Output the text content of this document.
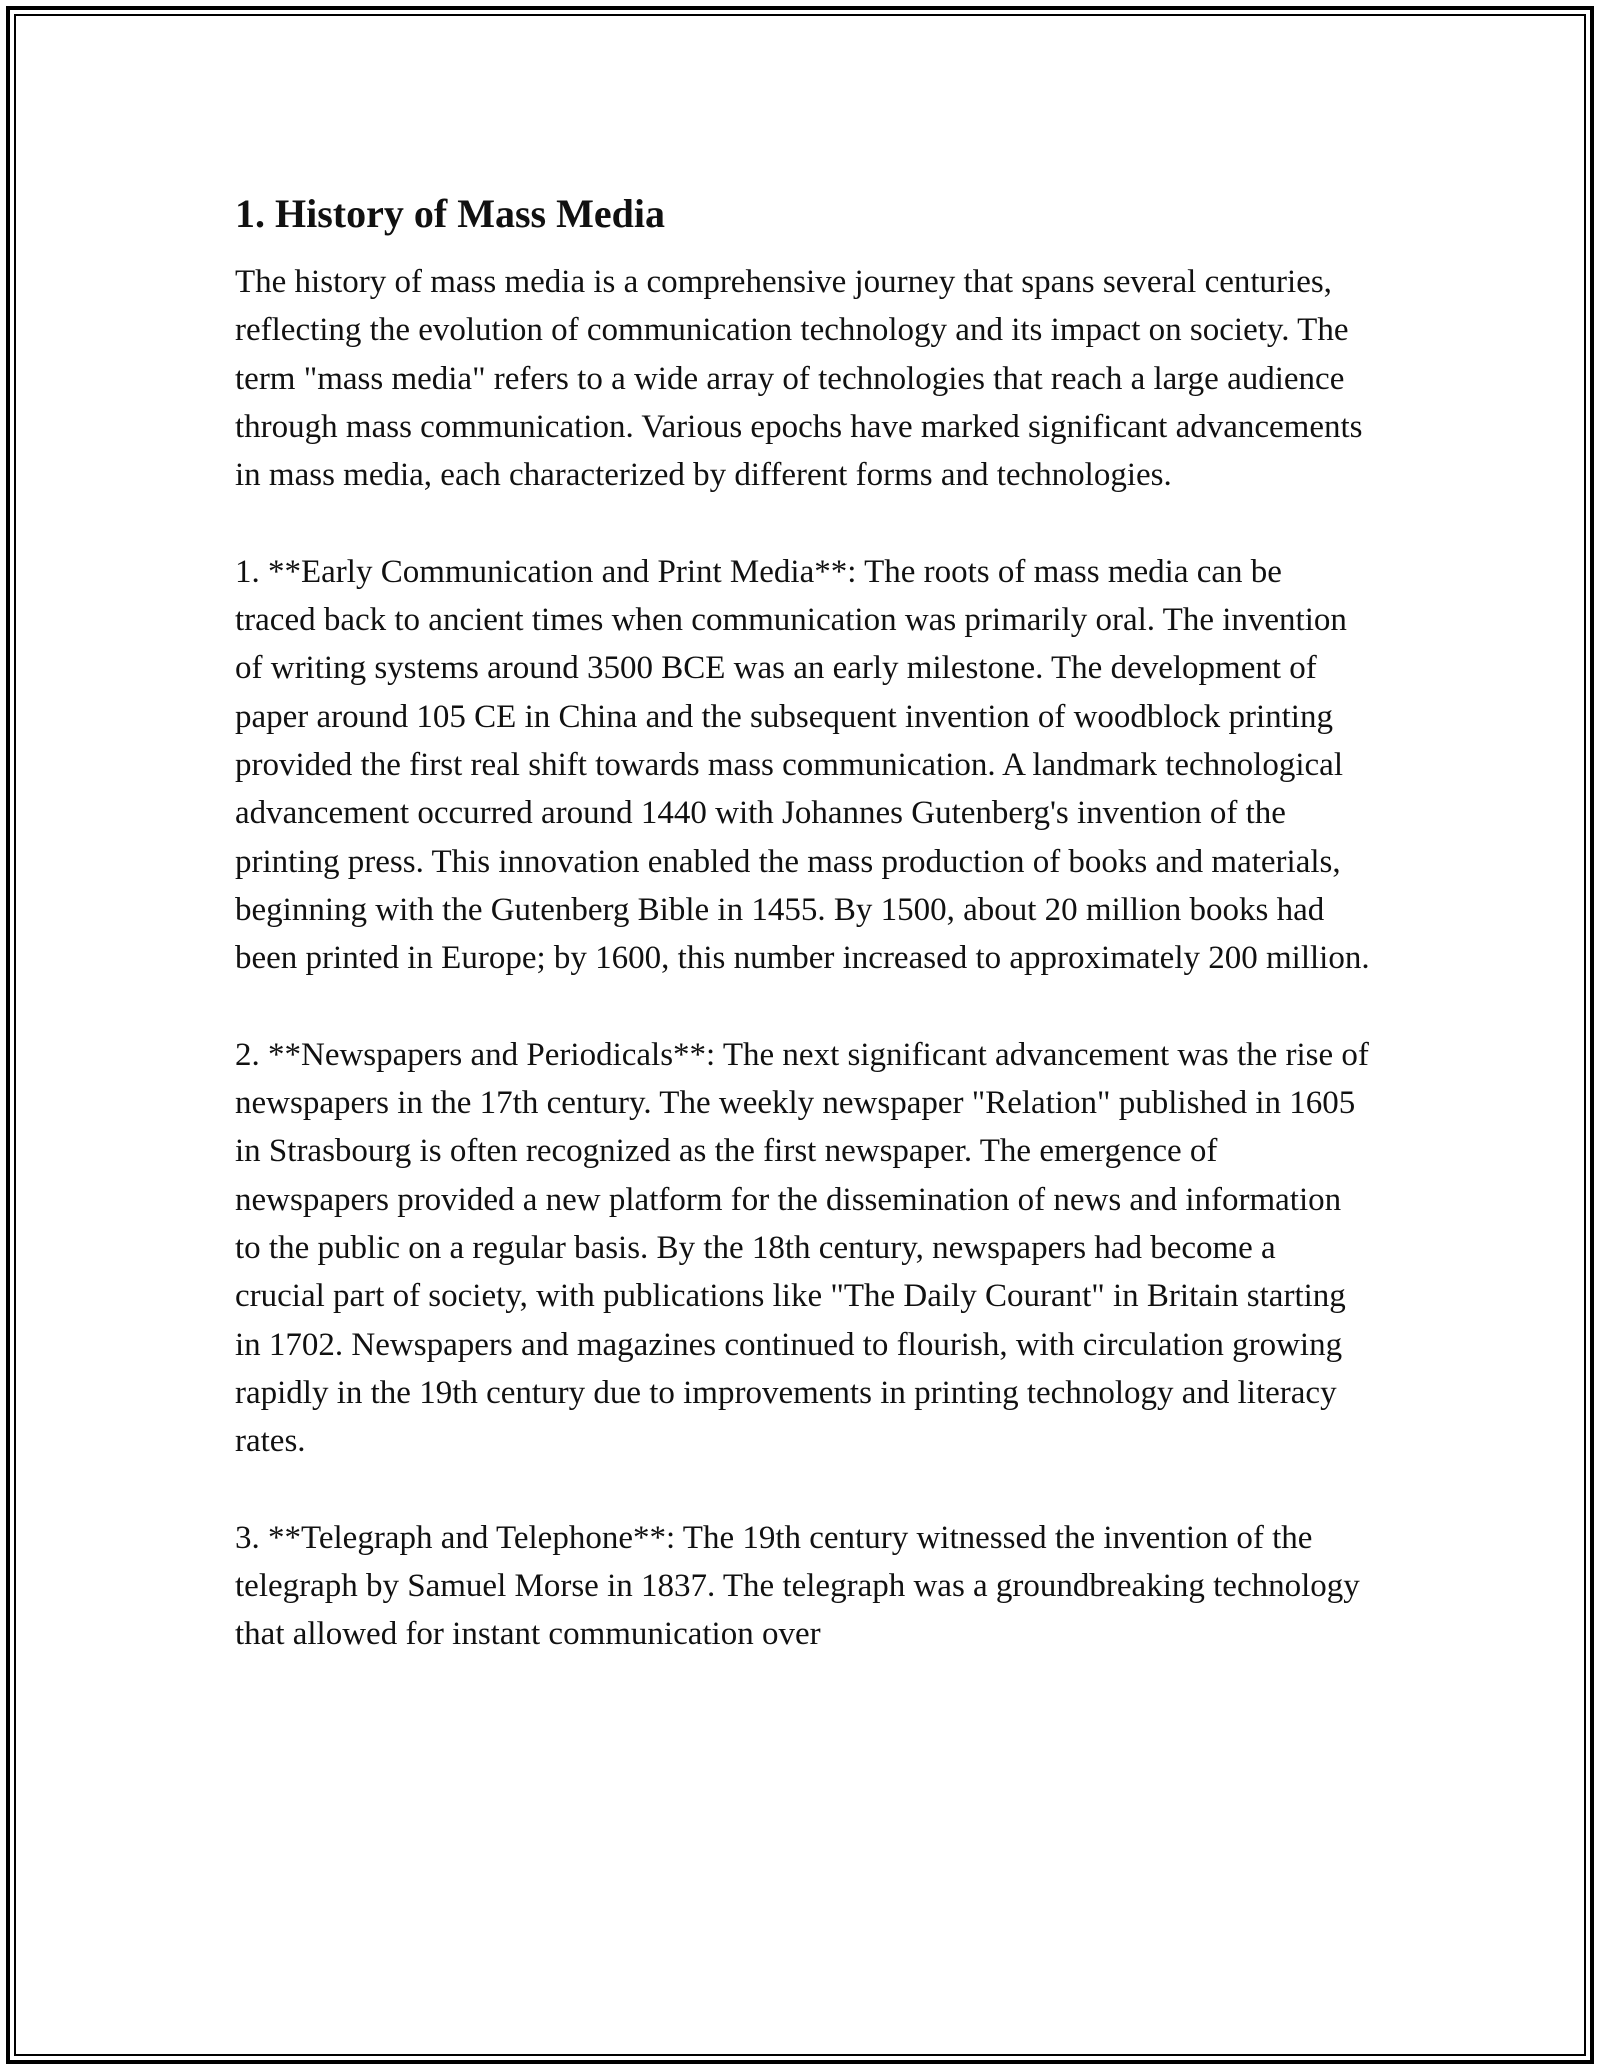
1. History of Mass Media

The history of mass media is a comprehensive journey that spans several centuries, reflecting the evolution of communication technology and its impact on society. The term "mass media" refers to a wide array of technologies that reach a large audience through mass communication. Various epochs have marked significant advancements in mass media, each characterized by different forms and technologies.

1. **Early Communication and Print Media**: The roots of mass media can be traced back to ancient times when communication was primarily oral. The invention of writing systems around 3500 BCE was an early milestone. The development of paper around 105 CE in China and the subsequent invention of woodblock printing provided the first real shift towards mass communication. A landmark technological advancement occurred around 1440 with Johannes Gutenberg's invention of the printing press. This innovation enabled the mass production of books and materials, beginning with the Gutenberg Bible in 1455. By 1500, about 20 million books had been printed in Europe; by 1600, this number increased to approximately 200 million.

2. **Newspapers and Periodicals**: The next significant advancement was the rise of newspapers in the 17th century. The weekly newspaper "Relation" published in 1605 in Strasbourg is often recognized as the first newspaper. The emergence of newspapers provided a new platform for the dissemination of news and information to the public on a regular basis. By the 18th century, newspapers had become a crucial part of society, with publications like "The Daily Courant" in Britain starting in 1702. Newspapers and magazines continued to flourish, with circulation growing rapidly in the 19th century due to improvements in printing technology and literacy rates.

3. **Telegraph and Telephone**: The 19th century witnessed the invention of the telegraph by Samuel Morse in 1837. The telegraph was a groundbreaking technology that allowed for instant communication over
